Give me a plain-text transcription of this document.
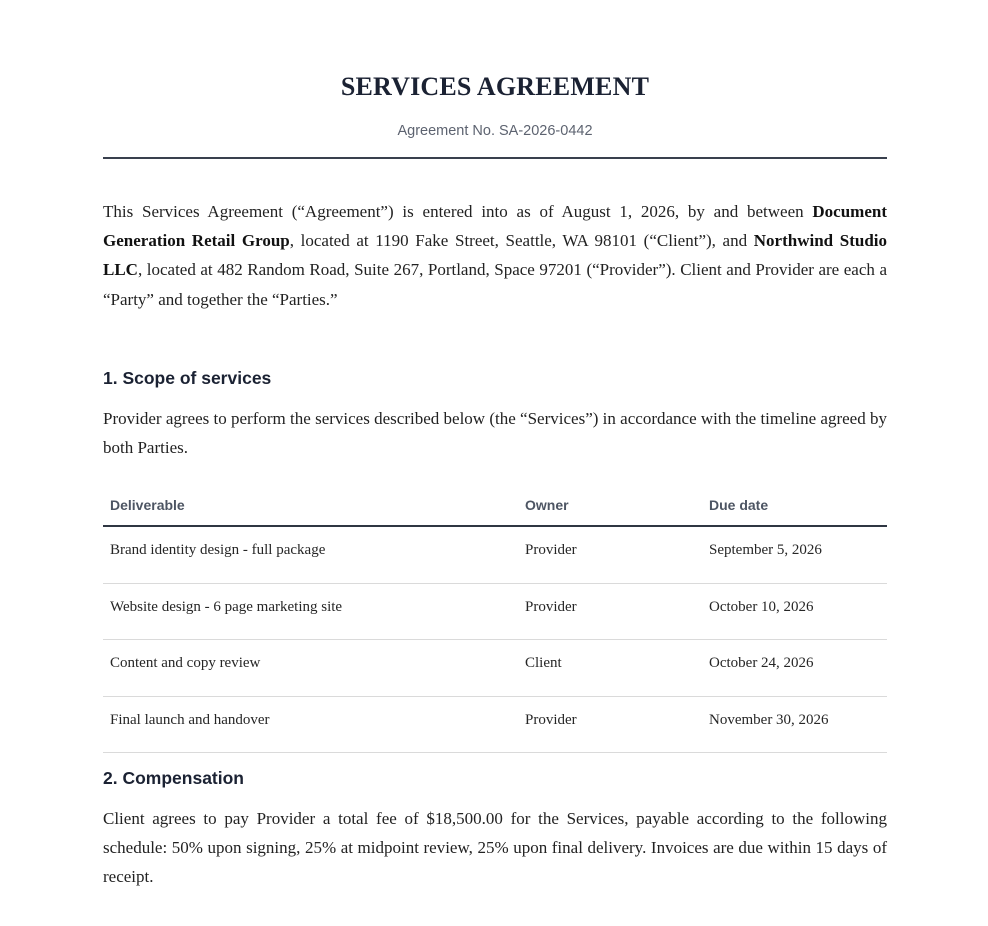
SERVICES AGREEMENT
Agreement No. SA-2026-0442

This Services Agreement (“Agreement”) is entered into as of August 1, 2026, by and between Document Generation Retail Group, located at 1190 Fake Street, Seattle, WA 98101 (“Client”), and Northwind Studio LLC, located at 482 Random Road, Suite 267, Portland, Space 97201 (“Provider”). Client and Provider are each a “Party” and together the “Parties.”

1. Scope of services

Provider agrees to perform the services described below (the “Services”) in accordance with the timeline agreed by both Parties.

Deliverable	Owner	Due date
Brand identity design - full package	Provider	September 5, 2026
Website design - 6 page marketing site	Provider	October 10, 2026
Content and copy review	Client	October 24, 2026
Final launch and handover	Provider	November 30, 2026
2. Compensation

Client agrees to pay Provider a total fee of $18,500.00 for the Services, payable according to the following schedule: 50% upon signing, 25% at midpoint review, 25% upon final delivery. Invoices are due within 15 days of receipt.
